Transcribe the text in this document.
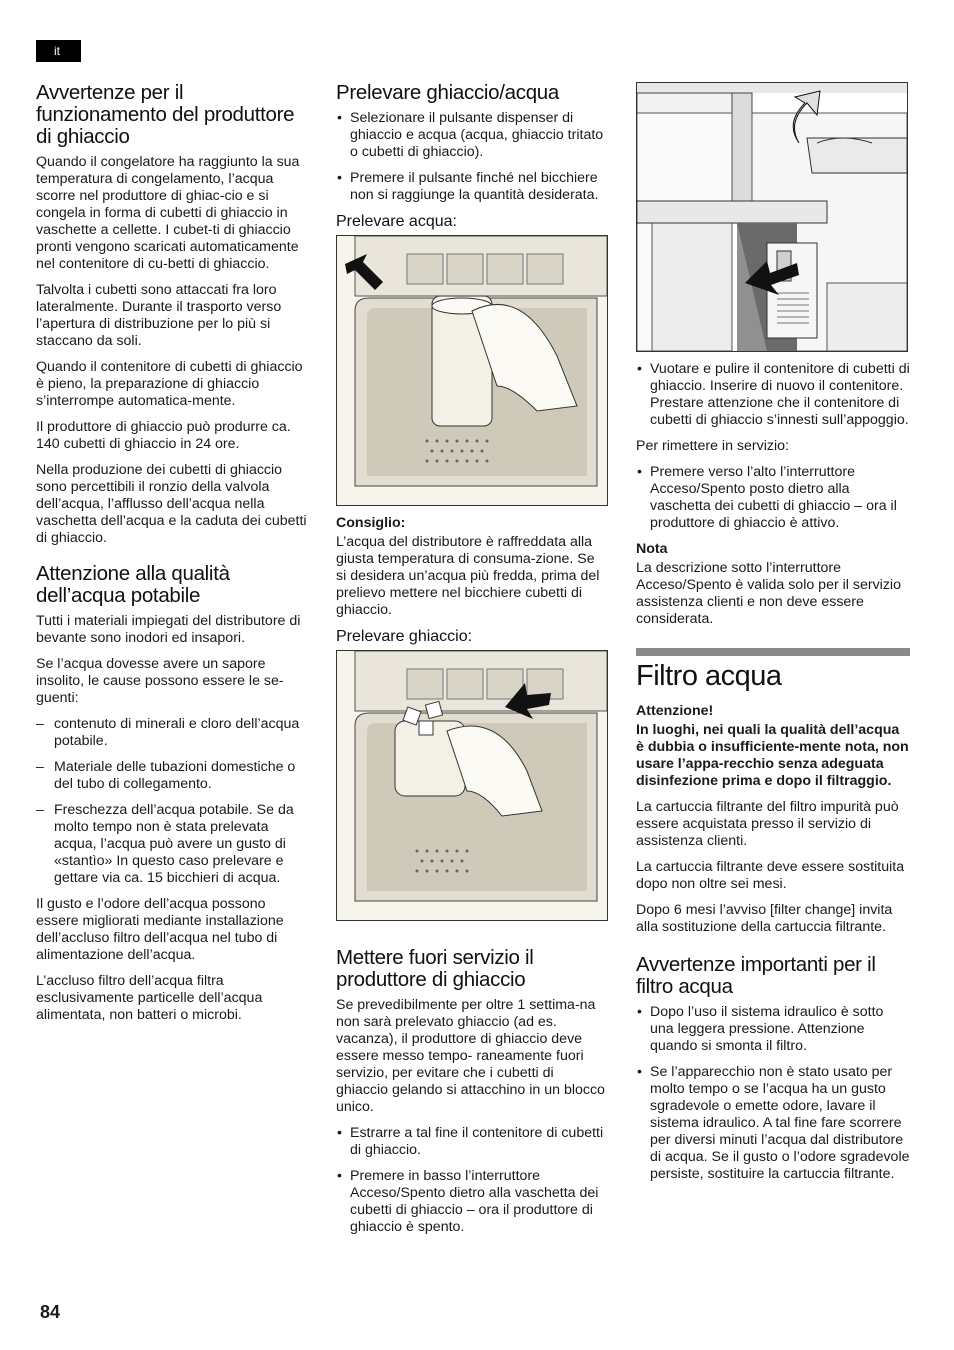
it
Avvertenze per il funzionamento del produttore di ghiaccio

Quando il congelatore ha raggiunto la sua temperatura di congelamento, l’acqua scorre nel produttore di ghiac-cio e si congela in forma di cubetti di ghiaccio in vaschette a cellette. I cubet-ti di ghiaccio pronti vengono scaricati automaticamente nel contenitore di cu-betti di ghiaccio.

Talvolta i cubetti sono attaccati fra loro lateralmente. Durante il trasporto verso l’apertura di distribuzione per lo più si staccano da soli.

Quando il contenitore di cubetti di ghiaccio è pieno, la preparazione di ghiaccio s’interrompe automatica-mente.

Il produttore di ghiaccio può produrre ca. 140 cubetti di ghiaccio in 24 ore.

Nella produzione dei cubetti di ghiaccio sono percettibili il ronzio della valvola dell’acqua, l’afflusso dell’acqua nella vaschetta dell’acqua e la caduta dei cubetti di ghiaccio.

Attenzione alla qualità dell’acqua potabile

Tutti i materiali impiegati del distributore di bevante sono inodori ed insapori.

Se l’acqua dovesse avere un sapore insolito, le cause possono essere le se-guenti:

– contenuto di minerali e cloro dell’acqua potabile.
– Materiale delle tubazioni domestiche o del tubo di collegamento.
– Freschezza dell’acqua potabile. Se da molto tempo non è stata prelevata acqua, l’acqua può avere un gusto di «stantìo» In questo caso prelevare e gettare via ca. 15 bicchieri di acqua.

Il gusto e l’odore dell’acqua possono essere migliorati mediante installazione dell’accluso filtro dell’acqua nel tubo di alimentazione dell’acqua.

L’accluso filtro dell’acqua filtra esclusivamente particelle dell’acqua alimentata, non batteri o microbi.

Prelevare ghiaccio/acqua
• Selezionare il pulsante dispenser di ghiaccio e acqua (acqua, ghiaccio tritato o cubetti di ghiaccio).
• Premere il pulsante finché nel bicchiere non si raggiunge la quantità desiderata.
Prelevare acqua:

Consiglio:

L’acqua del distributore è raffreddata alla giusta temperatura di consuma-zione. Se si desidera un’acqua più fredda, prima del prelievo mettere nel bicchiere cubetti di ghiaccio.

Prelevare ghiaccio:
Mettere fuori servizio il produttore di ghiaccio

Se prevedibilmente per oltre 1 settima-na non sarà prelevato ghiaccio (ad es. vacanza), il produttore di ghiaccio deve essere messo tempo- raneamente fuori servizio, per evitare che i cubetti di ghiaccio gelando si attacchino in un blocco unico.

• Estrarre a tal fine il contenitore di cubetti di ghiaccio.
• Premere in basso l’interruttore Acceso/Spento dietro alla vaschetta dei cubetti di ghiaccio – ora il produttore di ghiaccio è spento.
• Vuotare e pulire il contenitore di cubetti di ghiaccio. Inserire di nuovo il contenitore. Prestare attenzione che il contenitore di cubetti di ghiaccio s’innesti sull’appoggio.

Per rimettere in servizio:

• Premere verso l’alto l’interruttore Acceso/Spento posto dietro alla vaschetta dei cubetti di ghiaccio – ora il produttore di ghiaccio è attivo.

Nota

La descrizione sotto l’interruttore Acceso/Spento è valida solo per il servizio assistenza clienti e non deve essere considerata.

Filtro acqua

Attenzione!

In luoghi, nei quali la qualità dell’acqua è dubbia o insufficiente-mente nota, non usare l’appa-recchio senza adeguata disinfezione prima e dopo il filtraggio.

La cartuccia filtrante del filtro impurità può essere acquistata presso il servizio di assistenza clienti.

La cartuccia filtrante deve essere sostituita dopo non oltre sei mesi.

Dopo 6 mesi l’avviso [filter change] invita alla sostituzione della cartuccia filtrante.

Avvertenze importanti per il filtro acqua
• Dopo l’uso il sistema idraulico è sotto una leggera pressione. Attenzione quando si smonta il filtro.
• Se l’apparecchio non è stato usato per molto tempo o se l’acqua ha un gusto sgradevole o emette odore, lavare il sistema idraulico. A tal fine fare scorrere per diversi minuti l’acqua dal distributore di acqua. Se il gusto o l’odore sgradevole persiste, sostituire la cartuccia filtrante.
84
